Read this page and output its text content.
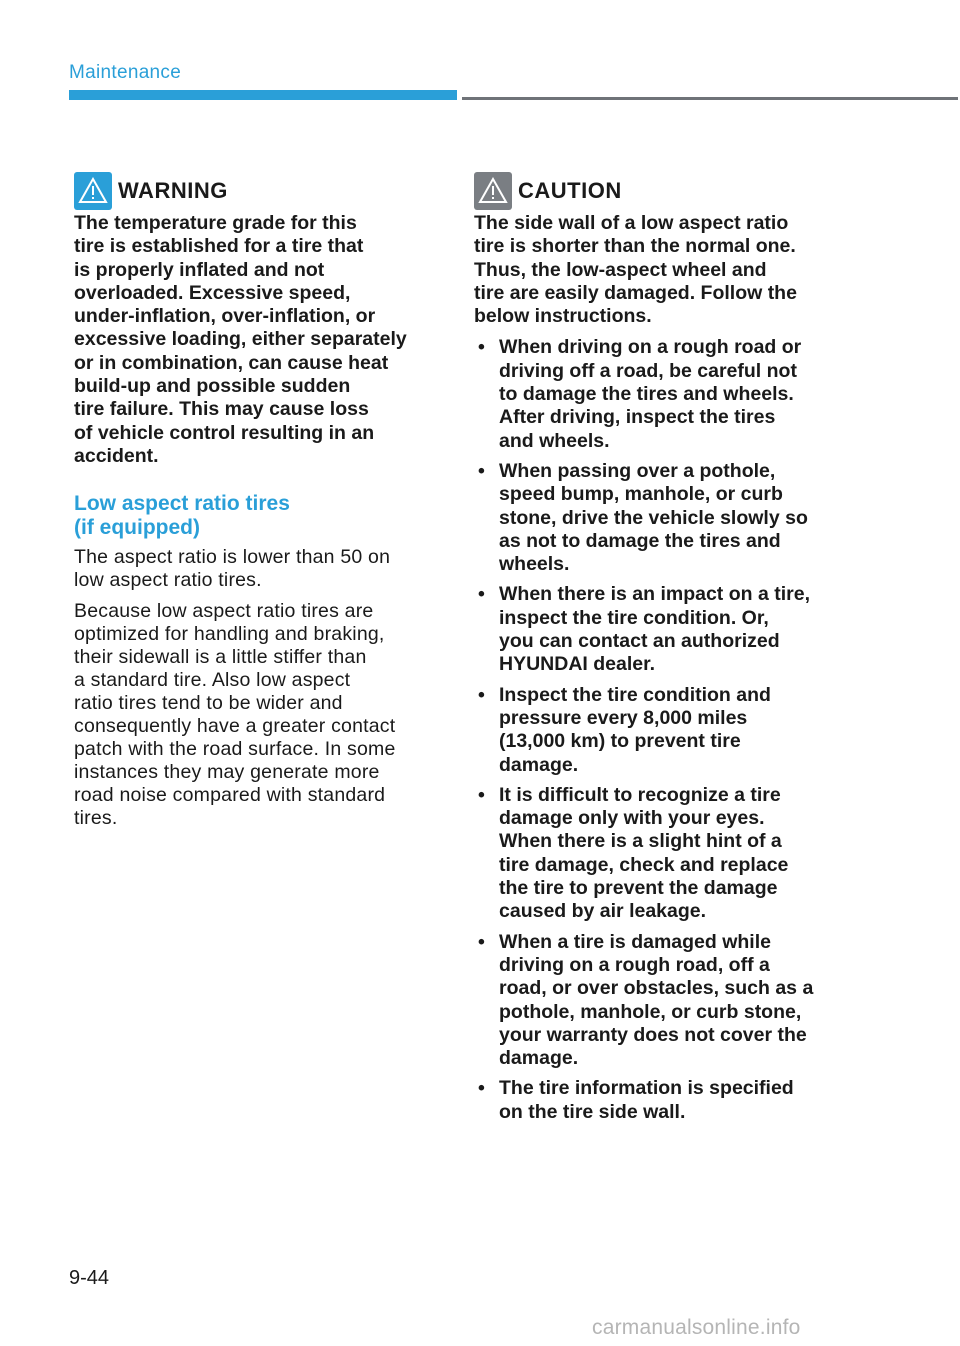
Maintenance
WARNING

The temperature grade for this
tire is established for a tire that
is properly inflated and not
overloaded. Excessive speed,
under-inflation, over-inflation, or
excessive loading, either separately
or in combination, can cause heat
build-up and possible sudden
tire failure. This may cause loss
of vehicle control resulting in an
accident.

Low aspect ratio tires
(if equipped)

The aspect ratio is lower than 50 on
low aspect ratio tires.

Because low aspect ratio tires are
optimized for handling and braking,
their sidewall is a little stiffer than
a standard tire. Also low aspect
ratio tires tend to be wider and
consequently have a greater contact
patch with the road surface. In some
instances they may generate more
road noise compared with standard
tires.

CAUTION

The side wall of a low aspect ratio
tire is shorter than the normal one.
Thus, the low-aspect wheel and
tire are easily damaged. Follow the
below instructions.

• When driving on a rough road or
driving off a road, be careful not
to damage the tires and wheels.
After driving, inspect the tires
and wheels.
• When passing over a pothole,
speed bump, manhole, or curb
stone, drive the vehicle slowly so
as not to damage the tires and
wheels.
• When there is an impact on a tire,
inspect the tire condition. Or,
you can contact an authorized
HYUNDAI dealer.
• Inspect the tire condition and
pressure every 8,000 miles
(13,000 km) to prevent tire
damage.
• It is difficult to recognize a tire
damage only with your eyes.
When there is a slight hint of a
tire damage, check and replace
the tire to prevent the damage
caused by air leakage.
• When a tire is damaged while
driving on a rough road, off a
road, or over obstacles, such as a
pothole, manhole, or curb stone,
your warranty does not cover the
damage.
• The tire information is specified
on the tire side wall.
9-44
carmanualsonline.info
